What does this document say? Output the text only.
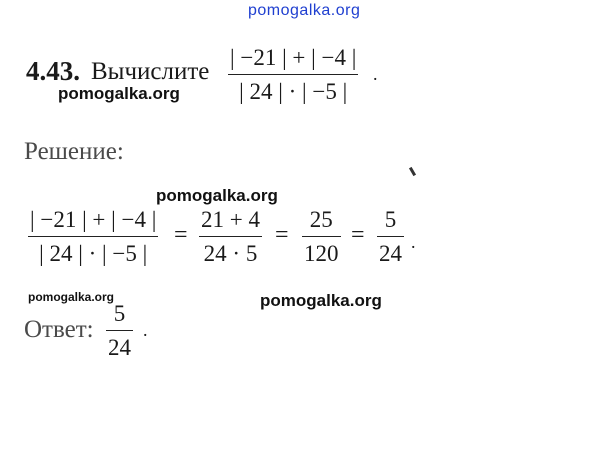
pomogalka.org
pomogalka.org
pomogalka.org
pomogalka.org	pomogalka.org
4.43. Вычислите
| −21 | + | −4 |
| 24 | · | −5 |
.
Решение:
| −21 | + | −4 |
| 24 | · | −5 |
=
21 + 4
24 · 5
=
25
120
=
5
24 .
Ответ:
5
24
.
